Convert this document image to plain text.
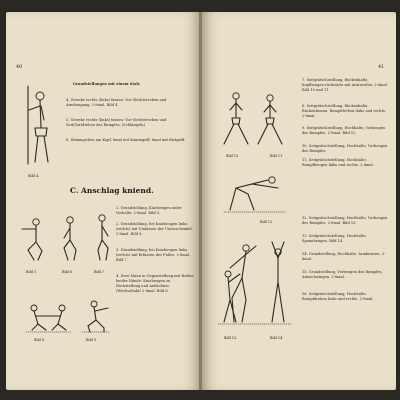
40
Bild 4.
Grundstellungen mit einem Stab:
4. Gewehr rechts (links) fassen: Vor-(Seit)strecken und Armbeugung, 2-8mal. Bild 4.
5. Gewehr rechts (links) fassen: Vor-(Seit)strecken und Seit(Vor)drehen des Rumpfes. (Schlängeln)
6. Stimmgichen am Kopf, 8mal mit Kammgriff, 8mal mit Ristgriff.
C. Anschlag kniend.
Bild 5.	Bild 6.	Bild 7.
1. Grundstellung, Kniebeugen unter Vorhalte. 2-8mal. Bild 5.
2. Grundstellung, bei Kniebeugen links (rechts) mit Umfassen der Unterschenkel. 2-8mal. Bild 6.
3. Grundstellung, bei Kniebeugen links (rechts) mit Erfassen des Fußes. 2-8mal. Bild 7.
4. Zwei Mann in Gegenstellung mit Halten beider Hände: Kniebeugen zu Hockstellung und Aufrichten. (Wechseltakt) 2-8mal. Bild 8.
Bild 8.	Bild 9.
41
Bild 10.	Bild 11.
Bild 12.
Bild 13.	Bild 14.
7. Seitgrätschstellung, Rückenhalte, Kopfbeugen rückwärts mit Armwerfen. 2-8mal. Bild 10 und 11.
8. Seitgrätschstellung, Rückenhalte, Rückenfassen, Rumpfdrehen links und rechts. 2-8mal.
9. Seitgrätschstellung, Hochhalte, Vorbeugen des Rumpfes. 2-8mal. Bild 12.
10. Seitgrätschstellung, Hochhalte, Vorbeugen des Rumpfes.
11. Seitgrätschstellung, Hochhalte, Rumpfbeugen links und rechts. 2-8mal.
12. Seitgrätschstellung, Hochhalte, Vorbeugen des Rumpfes. 2-8mal. Bild 13.
13. Seitgrätschstellung, Hochhalte, Spannbeugen. Bild 14.
14. Grundstellung, Hochhalte, Armkreisen. 2-8mal.
15. Grundstellung, Vorbeugen des Rumpfes, Armschwingen. 2-8mal.
16. Seitgrätschstellung, Hochhalte, Rumpfdrehen links und rechts. 2-8mal.
